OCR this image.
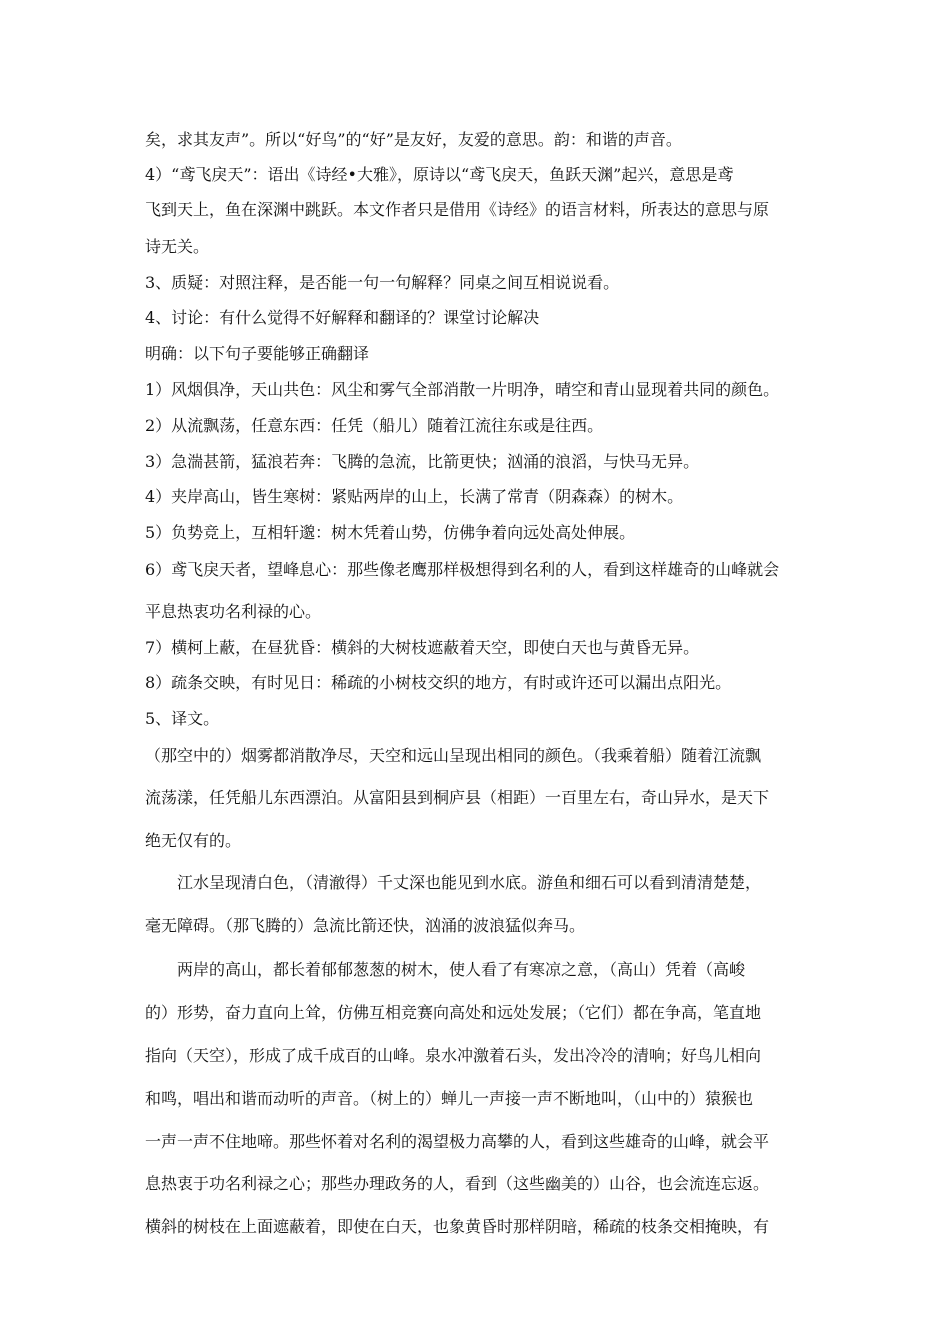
矣，求其友声”。所以“好鸟”的“好”是友好，友爱的意思。韵：和谐的声音。
4）“鸢飞戾天”：语出《诗经•大雅》，原诗以“鸢飞戾天，鱼跃天渊”起兴，意思是鸢
飞到天上，鱼在深渊中跳跃。本文作者只是借用《诗经》的语言材料，所表达的意思与原
诗无关。
3、质疑：对照注释，是否能一句一句解释？同桌之间互相说说看。
4、讨论：有什么觉得不好解释和翻译的？课堂讨论解决
明确：以下句子要能够正确翻译
1）风烟俱净，天山共色：风尘和雾气全部消散一片明净，晴空和青山显现着共同的颜色。
2）从流飘荡，任意东西：任凭（船儿）随着江流往东或是往西。
3）急湍甚箭，猛浪若奔：飞腾的急流，比箭更快；汹涌的浪滔，与快马无异。
4）夹岸高山，皆生寒树：紧贴两岸的山上，长满了常青（阴森森）的树木。
5）负势竞上，互相轩邈：树木凭着山势，仿佛争着向远处高处伸展。
6）鸢飞戾天者，望峰息心：那些像老鹰那样极想得到名利的人，看到这样雄奇的山峰就会
平息热衷功名利禄的心。
7）横柯上蔽，在昼犹昏：横斜的大树枝遮蔽着天空，即使白天也与黄昏无异。
8）疏条交映，有时见日：稀疏的小树枝交织的地方，有时或许还可以漏出点阳光。
5、译文。
（那空中的）烟雾都消散净尽，天空和远山呈现出相同的颜色。（我乘着船）随着江流飘
流荡漾，任凭船儿东西漂泊。从富阳县到桐庐县（相距）一百里左右，奇山异水，是天下
绝无仅有的。
江水呈现清白色，（清澈得）千丈深也能见到水底。游鱼和细石可以看到清清楚楚，
毫无障碍。（那飞腾的）急流比箭还快，汹涌的波浪猛似奔马。
两岸的高山，都长着郁郁葱葱的树木，使人看了有寒凉之意，（高山）凭着（高峻
的）形势，奋力直向上耸，仿佛互相竞赛向高处和远处发展；（它们）都在争高，笔直地
指向（天空），形成了成千成百的山峰。泉水冲激着石头，发出冷冷的清响；好鸟儿相向
和鸣，唱出和谐而动听的声音。（树上的）蝉儿一声接一声不断地叫，（山中的）猿猴也
一声一声不住地啼。那些怀着对名利的渴望极力高攀的人，看到这些雄奇的山峰，就会平
息热衷于功名利禄之心；那些办理政务的人，看到（这些幽美的）山谷，也会流连忘返。
横斜的树枝在上面遮蔽着，即使在白天，也象黄昏时那样阴暗，稀疏的枝条交相掩映，有
